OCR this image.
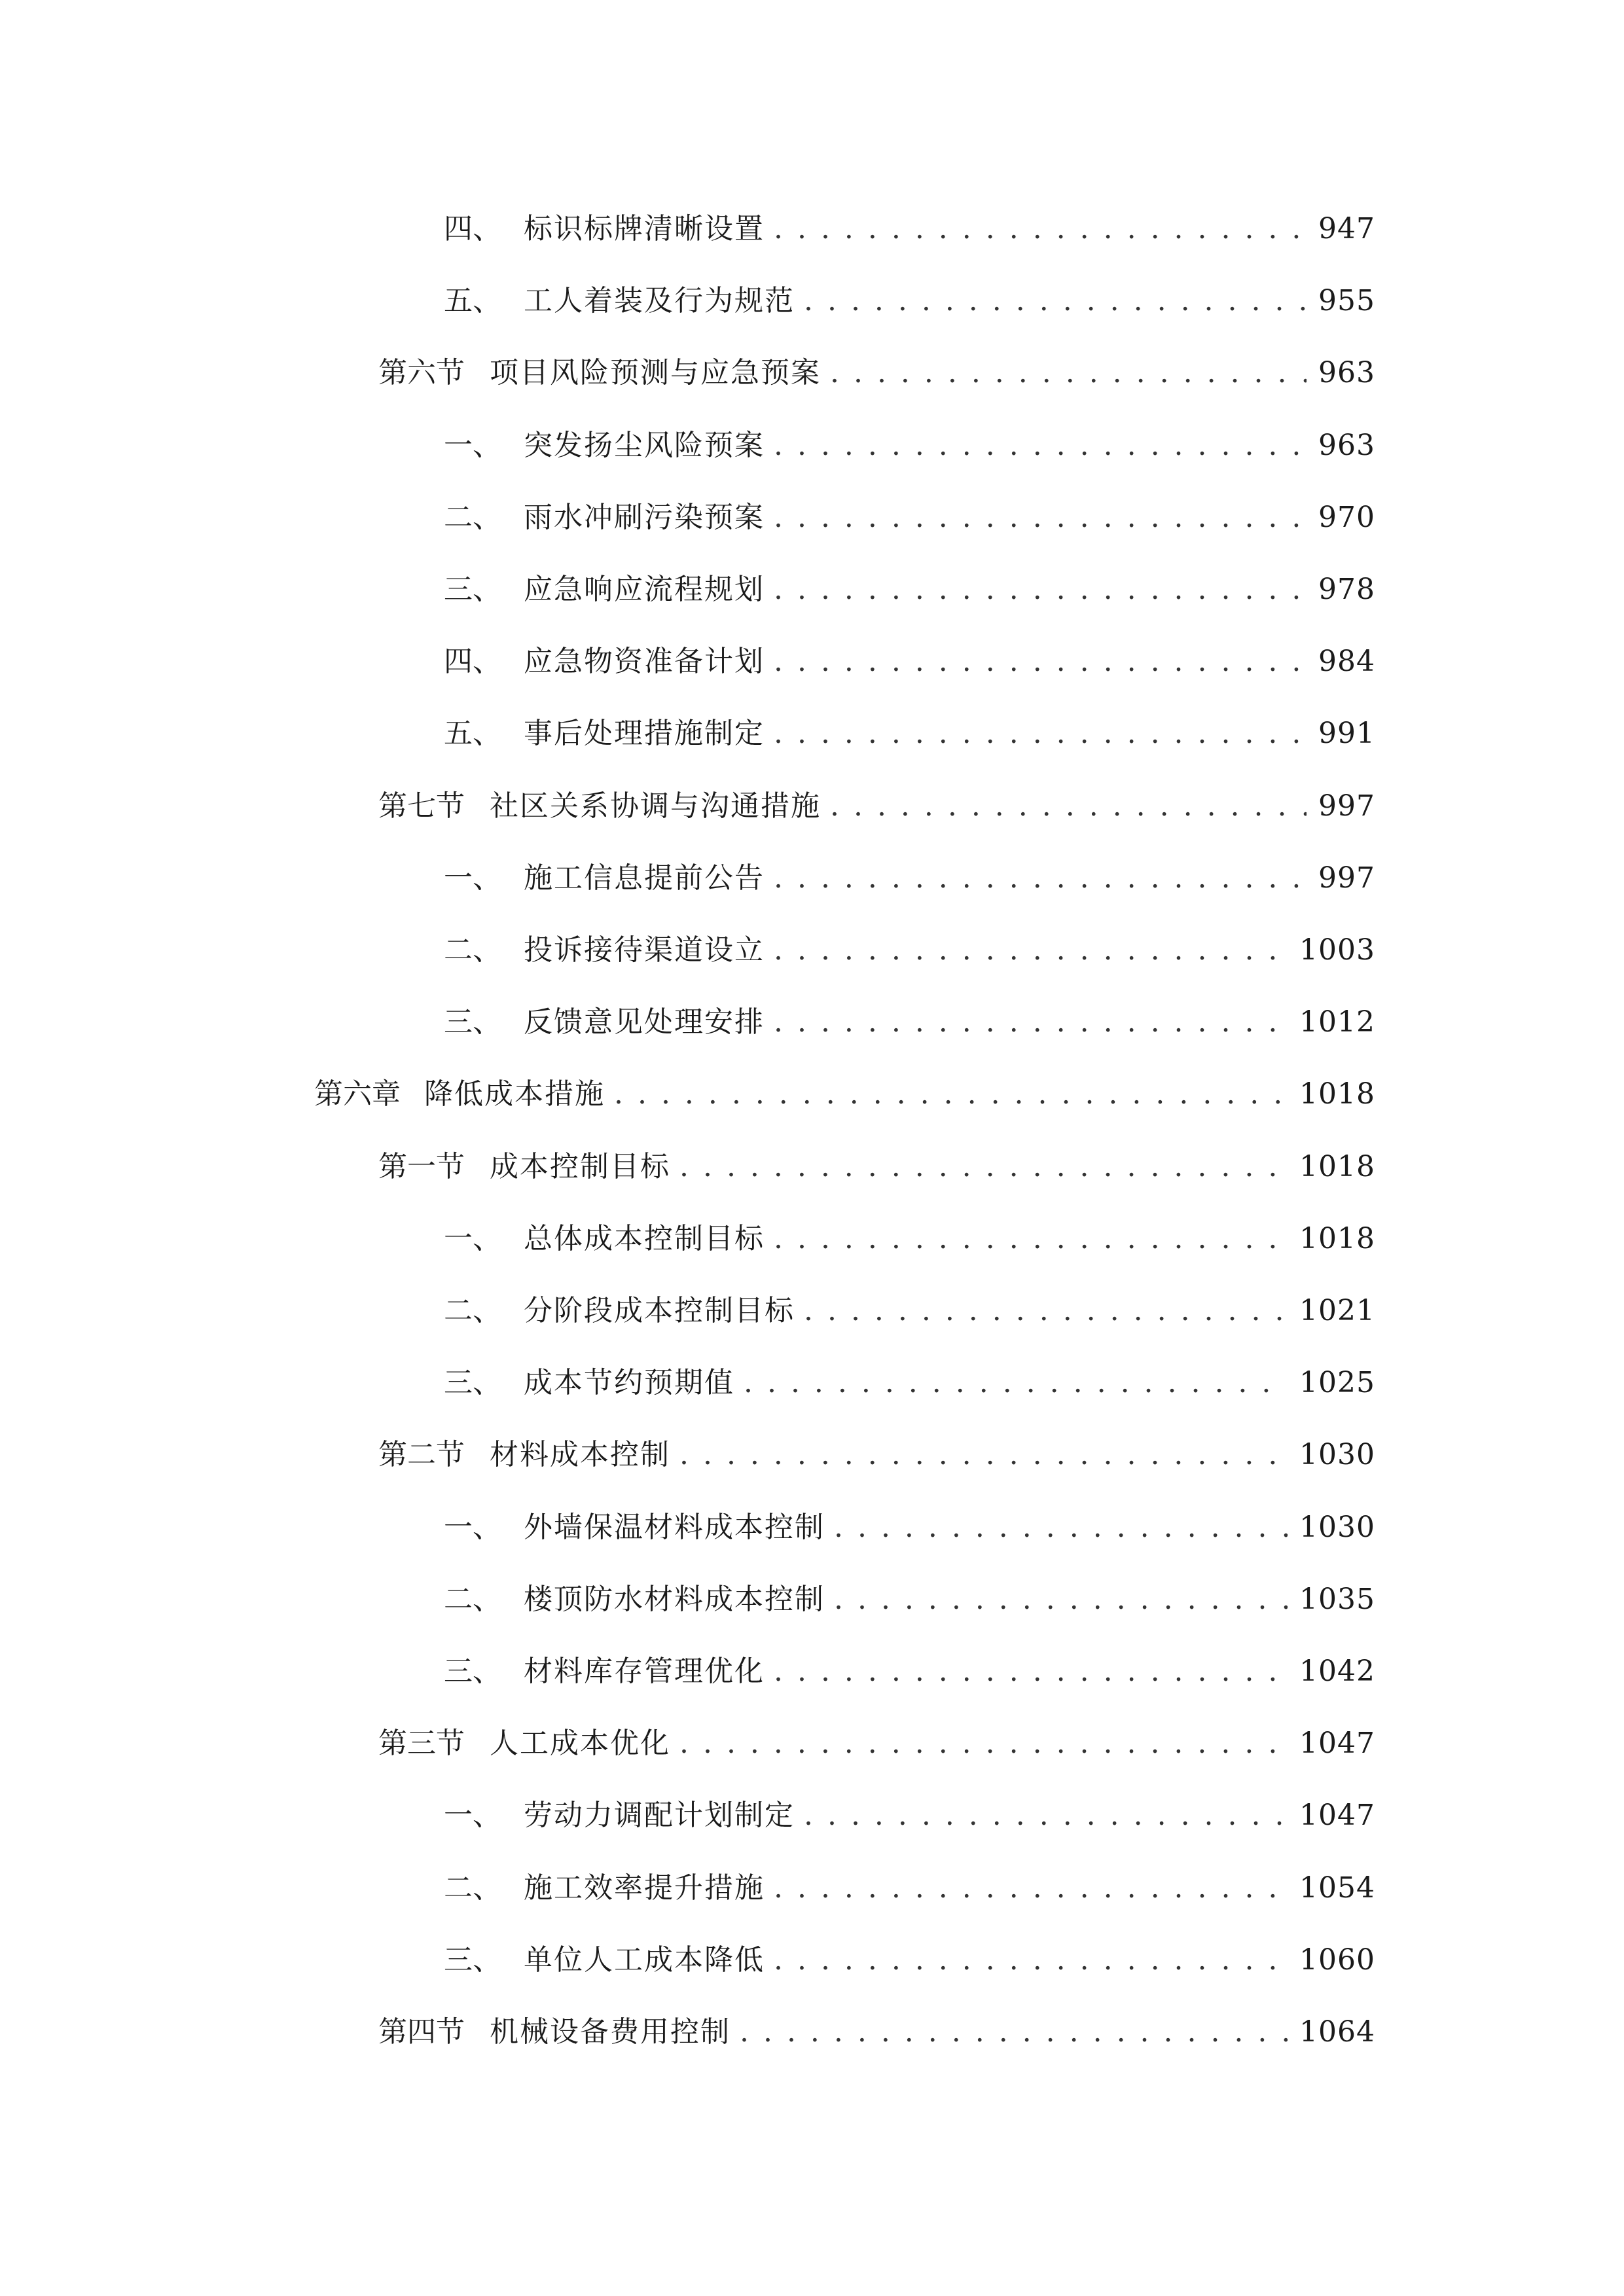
四、 标识标牌清晰设置 . . .	947
五、 工人着装及行为规范 . . .	955
第六节 项目风险预测与应急预案 . . .	963
一、 突发扬尘风险预案 . . .	963
二、 雨水冲刷污染预案 . . .	970
三、 应急响应流程规划 . . .	978
四、 应急物资准备计划 . . .	984
五、 事后处理措施制定 . . .	991
第七节 社区关系协调与沟通措施 . . .	997
一、 施工信息提前公告 . . .	997
二、 投诉接待渠道设立 . . .	1003
三、 反馈意见处理安排 . . .	1012
第六章 降低成本措施 . . .	1018
第一节 成本控制目标 . . .	1018
一、 总体成本控制目标 . . .	1018
二、 分阶段成本控制目标 . . .	1021
三、 成本节约预期值 . . .	1025
第二节 材料成本控制 . . .	1030
一、 外墙保温材料成本控制 . . .	1030
二、 楼顶防水材料成本控制 . . .	1035
三、 材料库存管理优化 . . .	1042
第三节 人工成本优化 . . .	1047
一、 劳动力调配计划制定 . . .	1047
二、 施工效率提升措施 . . .	1054
三、 单位人工成本降低 . . .	1060
第四节 机械设备费用控制 . . .	1064
